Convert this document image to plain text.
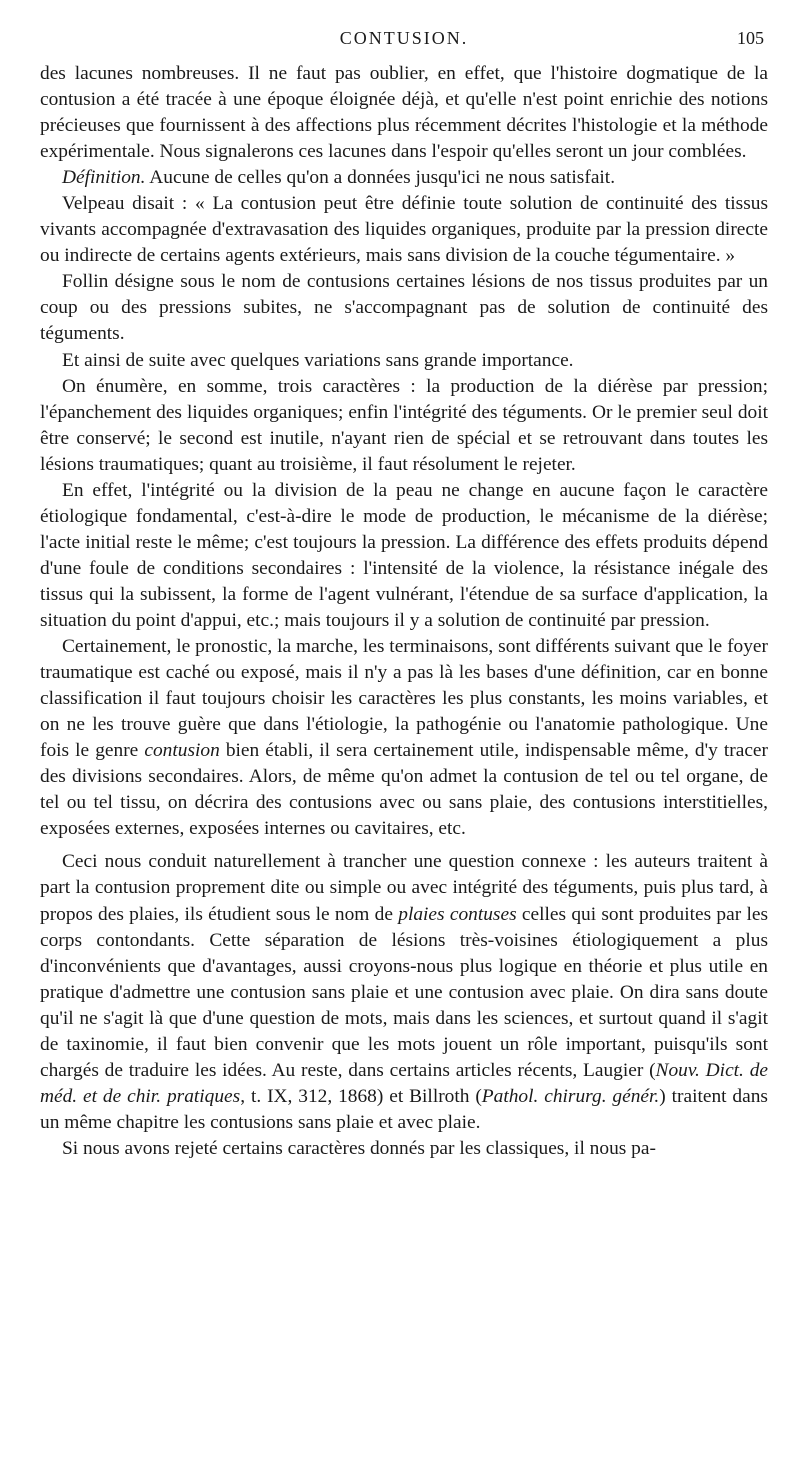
CONTUSION.	105

des lacunes nombreuses. Il ne faut pas oublier, en effet, que l'histoire dogmatique de la contusion a été tracée à une époque éloignée déjà, et qu'elle n'est point enrichie des notions précieuses que fournissent à des affections plus récemment décrites l'histologie et la méthode expérimentale. Nous signalerons ces lacunes dans l'espoir qu'elles seront un jour comblées.

Définition. Aucune de celles qu'on a données jusqu'ici ne nous satisfait.

Velpeau disait : « La contusion peut être définie toute solution de continuité des tissus vivants accompagnée d'extravasation des liquides organiques, produite par la pression directe ou indirecte de certains agents extérieurs, mais sans division de la couche tégumentaire. »

Follin désigne sous le nom de contusions certaines lésions de nos tissus produites par un coup ou des pressions subites, ne s'accompagnant pas de solution de continuité des téguments.

Et ainsi de suite avec quelques variations sans grande importance.

On énumère, en somme, trois caractères : la production de la diérèse par pression; l'épanchement des liquides organiques; enfin l'intégrité des téguments. Or le premier seul doit être conservé; le second est inutile, n'ayant rien de spécial et se retrouvant dans toutes les lésions traumatiques; quant au troisième, il faut résolument le rejeter.

En effet, l'intégrité ou la division de la peau ne change en aucune façon le caractère étiologique fondamental, c'est-à-dire le mode de production, le mécanisme de la diérèse; l'acte initial reste le même; c'est toujours la pression. La différence des effets produits dépend d'une foule de conditions secondaires : l'intensité de la violence, la résistance inégale des tissus qui la subissent, la forme de l'agent vulnérant, l'étendue de sa surface d'application, la situation du point d'appui, etc.; mais toujours il y a solution de continuité par pression.

Certainement, le pronostic, la marche, les terminaisons, sont différents suivant que le foyer traumatique est caché ou exposé, mais il n'y a pas là les bases d'une définition, car en bonne classification il faut toujours choisir les caractères les plus constants, les moins variables, et on ne les trouve guère que dans l'étiologie, la pathogénie ou l'anatomie pathologique. Une fois le genre contusion bien établi, il sera certainement utile, indispensable même, d'y tracer des divisions secondaires. Alors, de même qu'on admet la contusion de tel ou tel organe, de tel ou tel tissu, on décrira des contusions avec ou sans plaie, des contusions interstitielles, exposées externes, exposées internes ou cavitaires, etc.

Ceci nous conduit naturellement à trancher une question connexe : les auteurs traitent à part la contusion proprement dite ou simple ou avec intégrité des téguments, puis plus tard, à propos des plaies, ils étudient sous le nom de plaies contuses celles qui sont produites par les corps contondants. Cette séparation de lésions très-voisines étiologiquement a plus d'inconvénients que d'avantages, aussi croyons-nous plus logique en théorie et plus utile en pratique d'admettre une contusion sans plaie et une contusion avec plaie. On dira sans doute qu'il ne s'agit là que d'une question de mots, mais dans les sciences, et surtout quand il s'agit de taxinomie, il faut bien convenir que les mots jouent un rôle important, puisqu'ils sont chargés de traduire les idées. Au reste, dans certains articles récents, Laugier (Nouv. Dict. de méd. et de chir. pratiques, t. IX, 312, 1868) et Billroth (Pathol. chirurg. génér.) traitent dans un même chapitre les contusions sans plaie et avec plaie.

Si nous avons rejeté certains caractères donnés par les classiques, il nous pa-
